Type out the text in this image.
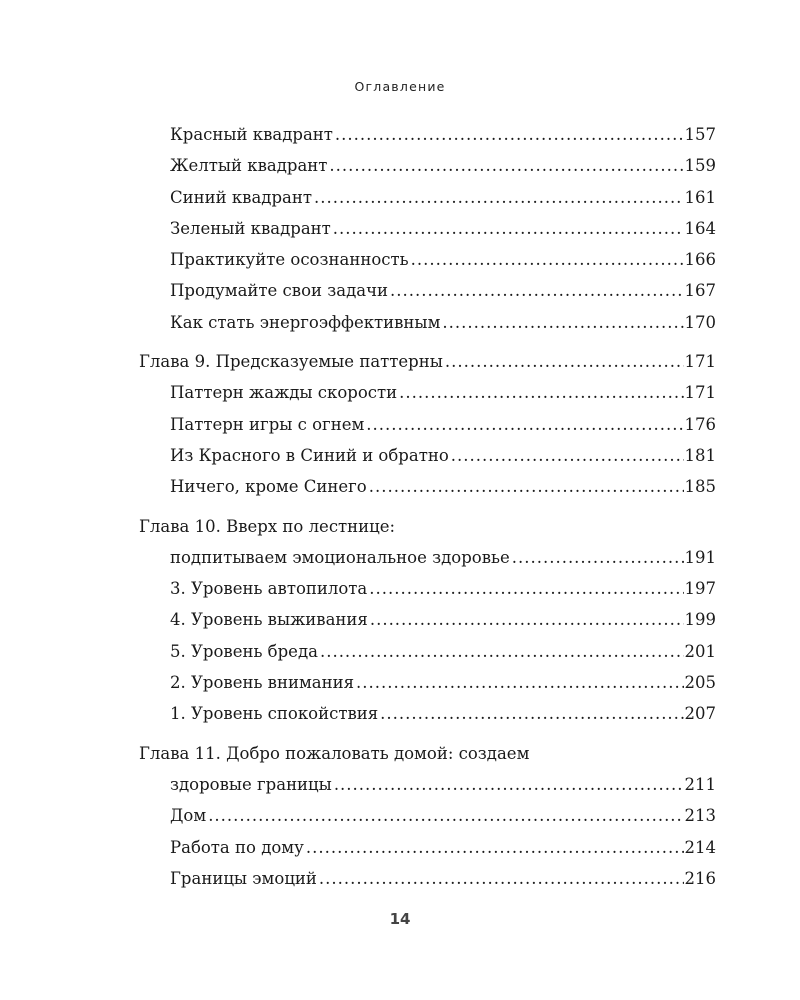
Оглавление
Красный квадрант .....	157
Желтый квадрант .....	159
Синий квадрант .....	161
Зеленый квадрант .....	164
Практикуйте осознанность .....	166
Продумайте свои задачи .....	167
Как стать энергоэффективным .....	170
Глава 9. Предсказуемые паттерны .....	171
Паттерн жажды скорости .....	171
Паттерн игры с огнем .....	176
Из Красного в Синий и обратно .....	181
Ничего, кроме Синего .....	185
Глава 10. Вверх по лестнице:
подпитываем эмоциональное здоровье .....	191
3. Уровень автопилота .....	197
4. Уровень выживания .....	199
5. Уровень бреда .....	201
2. Уровень внимания .....	205
1. Уровень спокойствия .....	207
Глава 11. Добро пожаловать домой: создаем
здоровые границы .....	211
Дом .....	213
Работа по дому .....	214
Границы эмоций .....	216
14
